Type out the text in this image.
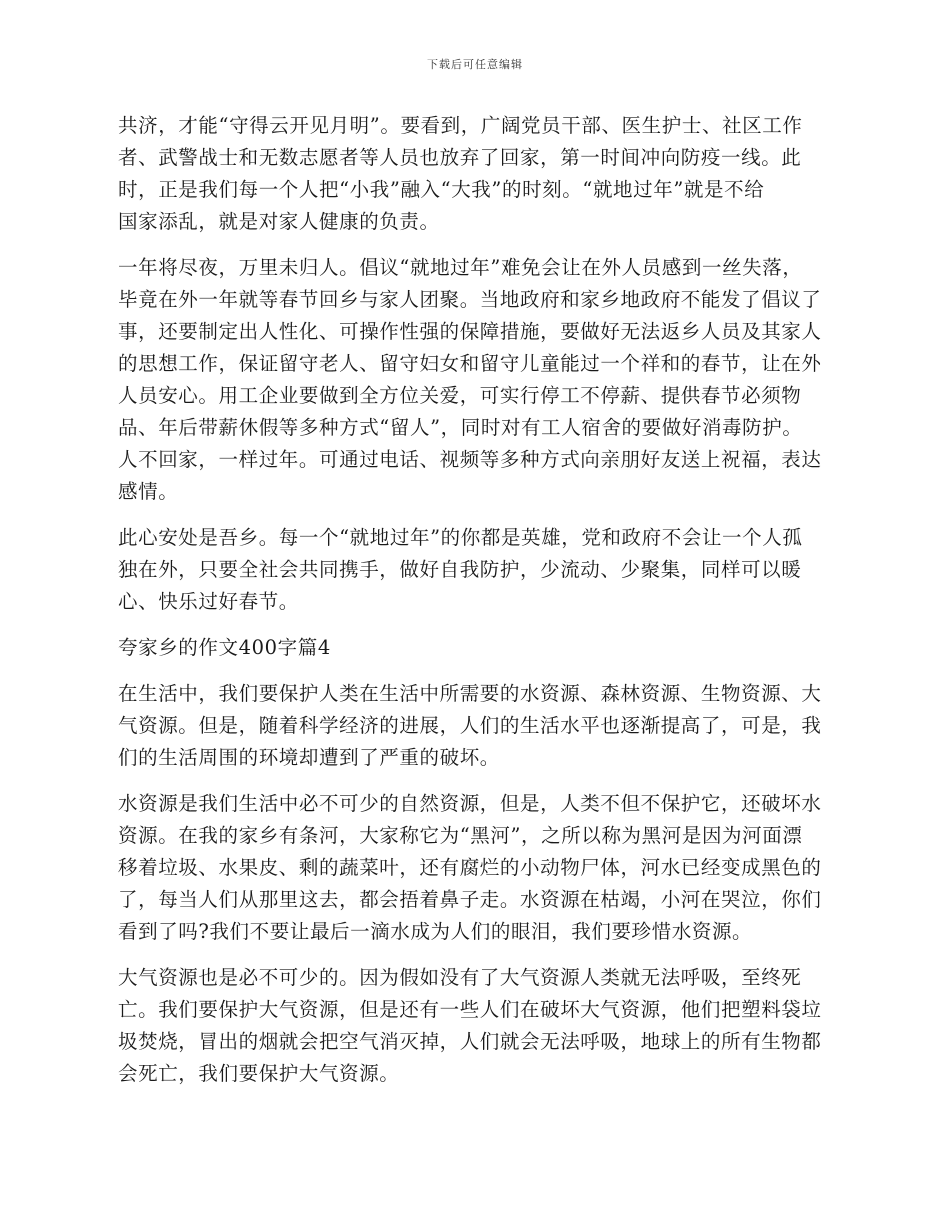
下载后可任意编辑

共济，才能“守得云开见月明”。要看到，广阔党员干部、医生护士、社区工作
者、武警战士和无数志愿者等人员也放弃了回家，第一时间冲向防疫一线。此
时，正是我们每一个人把“小我”融入“大我”的时刻。“就地过年”就是不给
国家添乱，就是对家人健康的负责。

一年将尽夜，万里未归人。倡议“就地过年”难免会让在外人员感到一丝失落，
毕竟在外一年就等春节回乡与家人团聚。当地政府和家乡地政府不能发了倡议了
事，还要制定出人性化、可操作性强的保障措施，要做好无法返乡人员及其家人
的思想工作，保证留守老人、留守妇女和留守儿童能过一个祥和的春节，让在外
人员安心。用工企业要做到全方位关爱，可实行停工不停薪、提供春节必须物
品、年后带薪休假等多种方式“留人”，同时对有工人宿舍的要做好消毒防护。
人不回家，一样过年。可通过电话、视频等多种方式向亲朋好友送上祝福，表达
感情。

此心安处是吾乡。每一个“就地过年”的你都是英雄，党和政府不会让一个人孤
独在外，只要全社会共同携手，做好自我防护，少流动、少聚集，同样可以暖
心、快乐过好春节。

夸家乡的作文400字篇4

在生活中，我们要保护人类在生活中所需要的水资源、森林资源、生物资源、大
气资源。但是，随着科学经济的进展，人们的生活水平也逐渐提高了，可是，我
们的生活周围的环境却遭到了严重的破坏。

水资源是我们生活中必不可少的自然资源，但是，人类不但不保护它，还破坏水
资源。在我的家乡有条河，大家称它为“黑河”，之所以称为黑河是因为河面漂
移着垃圾、水果皮、剩的蔬菜叶，还有腐烂的小动物尸体，河水已经变成黑色的
了，每当人们从那里这去，都会捂着鼻子走。水资源在枯竭，小河在哭泣，你们
看到了吗?我们不要让最后一滴水成为人们的眼泪，我们要珍惜水资源。

大气资源也是必不可少的。因为假如没有了大气资源人类就无法呼吸，至终死
亡。我们要保护大气资源，但是还有一些人们在破坏大气资源，他们把塑料袋垃
圾焚烧，冒出的烟就会把空气消灭掉，人们就会无法呼吸，地球上的所有生物都
会死亡，我们要保护大气资源。
